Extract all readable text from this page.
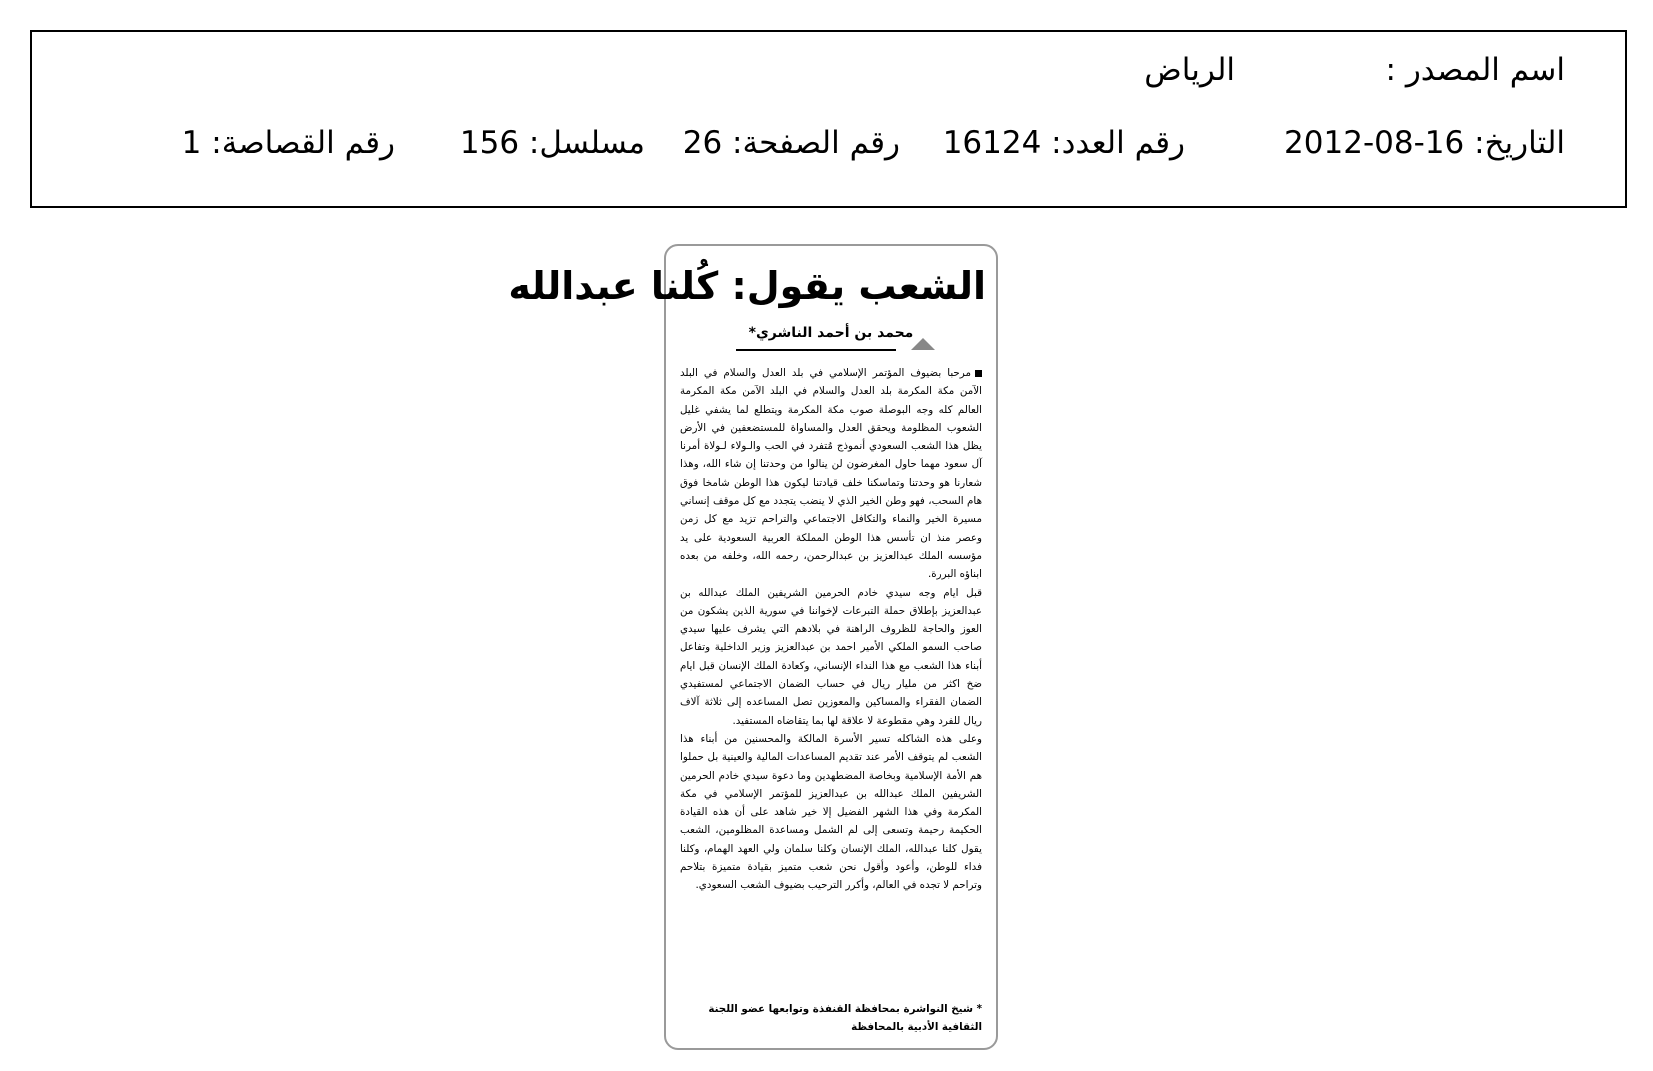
اسم المصدر :
الرياض
التاريخ: 16-08-2012
رقم العدد: 16124
رقم الصفحة: 26
مسلسل: 156
رقم القصاصة: 1
الشعب يقول: كُلنا عبدالله
محمد بن أحمد الناشري*

مرحبا بضيوف المؤتمر الإسلامي في بلد العدل والسلام في البلد الآمن مكة المكرمة بلد العدل والسلام في البلد الآمن مكة المكرمة العالم كله وجه البوصلة صوب مكة المكرمة ويتطلع لما يشفي غليل الشعوب المظلومة ويحقق العدل والمساواة للمستضعفين في الأرض يظل هذا الشعب السعودي أنموذج مُتفرد في الحب والـولاء لـولاة أمرنا آل سعود مهما حاول المغرضون لن ينالوا من وحدتنا إن شاء الله، وهذا شعارنا هو وحدتنا وتماسكنا خلف قيادتنا ليكون هذا الوطن شامخا فوق هام السحب، فهو وطن الخير الذي لا ينضب يتجدد مع كل موقف إنساني مسيرة الخير والنماء والتكافل الاجتماعي والتراحم تزيد مع كل زمن وعصر منذ ان تأسس هذا الوطن المملكة العربية السعودية على يد مؤسسه الملك عبدالعزيز بن عبدالرحمن، رحمه الله، وخلفه من بعده ابناؤه البررة.

قبل ايام وجه سيدي خادم الحرمين الشريفين الملك عبدالله بن عبدالعزيز بإطلاق حملة التبرعات لإخواننا في سورية الذين يشكون من العوز والحاجة للظروف الراهنة في بلادهم التي يشرف عليها سيدي صاحب السمو الملكي الأمير احمد بن عبدالعزيز وزير الداخلية وتفاعل أبناء هذا الشعب مع هذا النداء الإنساني، وكعادة الملك الإنسان قبل ايام ضخ اكثر من مليار ريال في حساب الضمان الاجتماعي لمستفيدي الضمان الفقراء والمساكين والمعوزين تصل المساعده إلى ثلاثة آلاف ريال للفرد وهي مقطوعة لا علاقة لها بما يتقاضاه المستفيد.

وعلى هذه الشاكله تسير الأسرة المالكة والمحسنين من أبناء هذا الشعب لم يتوقف الأمر عند تقديم المساعدات المالية والعينية بل حملوا هم الأمة الإسلامية وبخاصة المضطهدين وما دعوة سيدي خادم الحرمين الشريفين الملك عبدالله بن عبدالعزيز للمؤتمر الإسلامي في مكة المكرمة وفي هذا الشهر الفضيل إلا خير شاهد على أن هذه القيادة الحكيمة رحيمة وتسعى إلى لم الشمل ومساعدة المظلومين، الشعب يقول كلنا عبدالله، الملك الإنسان وكلنا سلمان ولي العهد الهمام، وكلنا فداء للوطن، وأعود وأقول نحن شعب متميز بقيادة متميزة بتلاحم وتراحم لا تجده في العالم، وأكرر الترحيب بضيوف الشعب السعودي.

* شيخ النواشرة بمحافظة القنفذة وتوابعها عضو اللجنة الثقافية الأدبية بالمحافظة
